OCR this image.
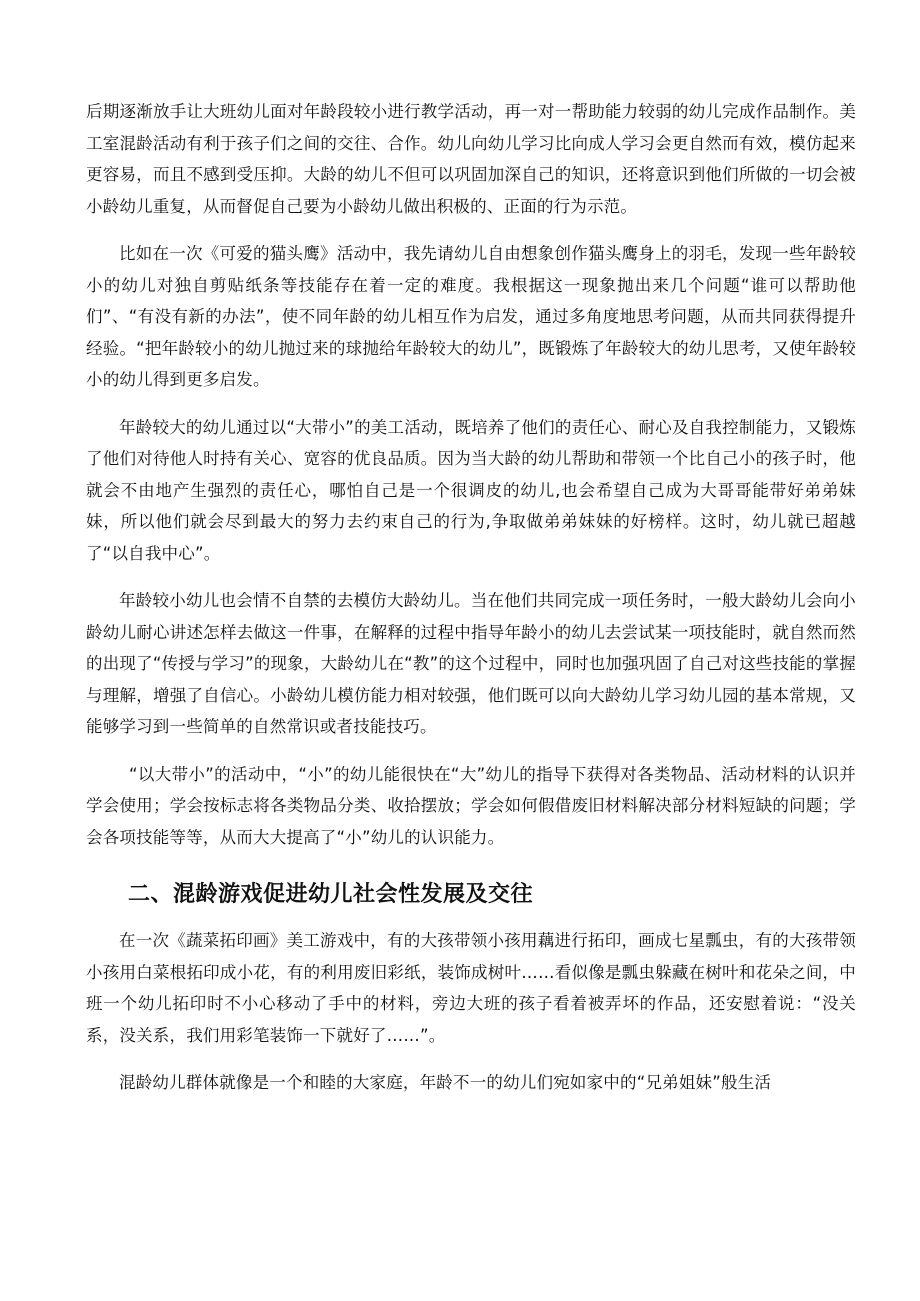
后期逐渐放手让大班幼儿面对年龄段较小进行教学活动，再一对一帮助能力较弱的幼儿完成作品制作。美工室混龄活动有利于孩子们之间的交往、合作。幼儿向幼儿学习比向成人学习会更自然而有效，模仿起来更容易，而且不感到受压抑。大龄的幼儿不但可以巩固加深自己的知识，还将意识到他们所做的一切会被小龄幼儿重复，从而督促自己要为小龄幼儿做出积极的、正面的行为示范。

比如在一次《可爱的猫头鹰》活动中，我先请幼儿自由想象创作猫头鹰身上的羽毛，发现一些年龄较小的幼儿对独自剪贴纸条等技能存在着一定的难度。我根据这一现象抛出来几个问题“谁可以帮助他们”、“有没有新的办法”，使不同年龄的幼儿相互作为启发，通过多角度地思考问题，从而共同获得提升经验。“把年龄较小的幼儿抛过来的球抛给年龄较大的幼儿”，既锻炼了年龄较大的幼儿思考，又使年龄较小的幼儿得到更多启发。

年龄较大的幼儿通过以“大带小”的美工活动，既培养了他们的责任心、耐心及自我控制能力，又锻炼了他们对待他人时持有关心、宽容的优良品质。因为当大龄的幼儿帮助和带领一个比自己小的孩子时，他就会不由地产生强烈的责任心，哪怕自己是一个很调皮的幼儿,也会希望自己成为大哥哥能带好弟弟妹妹，所以他们就会尽到最大的努力去约束自己的行为,争取做弟弟妹妹的好榜样。这时，幼儿就已超越了“以自我中心”。

年龄较小幼儿也会情不自禁的去模仿大龄幼儿。当在他们共同完成一项任务时，一般大龄幼儿会向小龄幼儿耐心讲述怎样去做这一件事，在解释的过程中指导年龄小的幼儿去尝试某一项技能时，就自然而然的出现了“传授与学习”的现象，大龄幼儿在“教”的这个过程中，同时也加强巩固了自己对这些技能的掌握与理解，增强了自信心。小龄幼儿模仿能力相对较强，他们既可以向大龄幼儿学习幼儿园的基本常规，又能够学习到一些简单的自然常识或者技能技巧。

“以大带小”的活动中，“小”的幼儿能很快在“大”幼儿的指导下获得对各类物品、活动材料的认识并学会使用；学会按标志将各类物品分类、收拾摆放；学会如何假借废旧材料解决部分材料短缺的问题；学会各项技能等等，从而大大提高了“小”幼儿的认识能力。

二、混龄游戏促进幼儿社会性发展及交往

在一次《蔬菜拓印画》美工游戏中，有的大孩带领小孩用藕进行拓印，画成七星瓢虫，有的大孩带领小孩用白菜根拓印成小花，有的利用废旧彩纸，装饰成树叶……看似像是瓢虫躲藏在树叶和花朵之间，中班一个幼儿拓印时不小心移动了手中的材料，旁边大班的孩子看着被弄坏的作品，还安慰着说：“没关系，没关系，我们用彩笔装饰一下就好了……”。

混龄幼儿群体就像是一个和睦的大家庭，年龄不一的幼儿们宛如家中的“兄弟姐妹”般生活
